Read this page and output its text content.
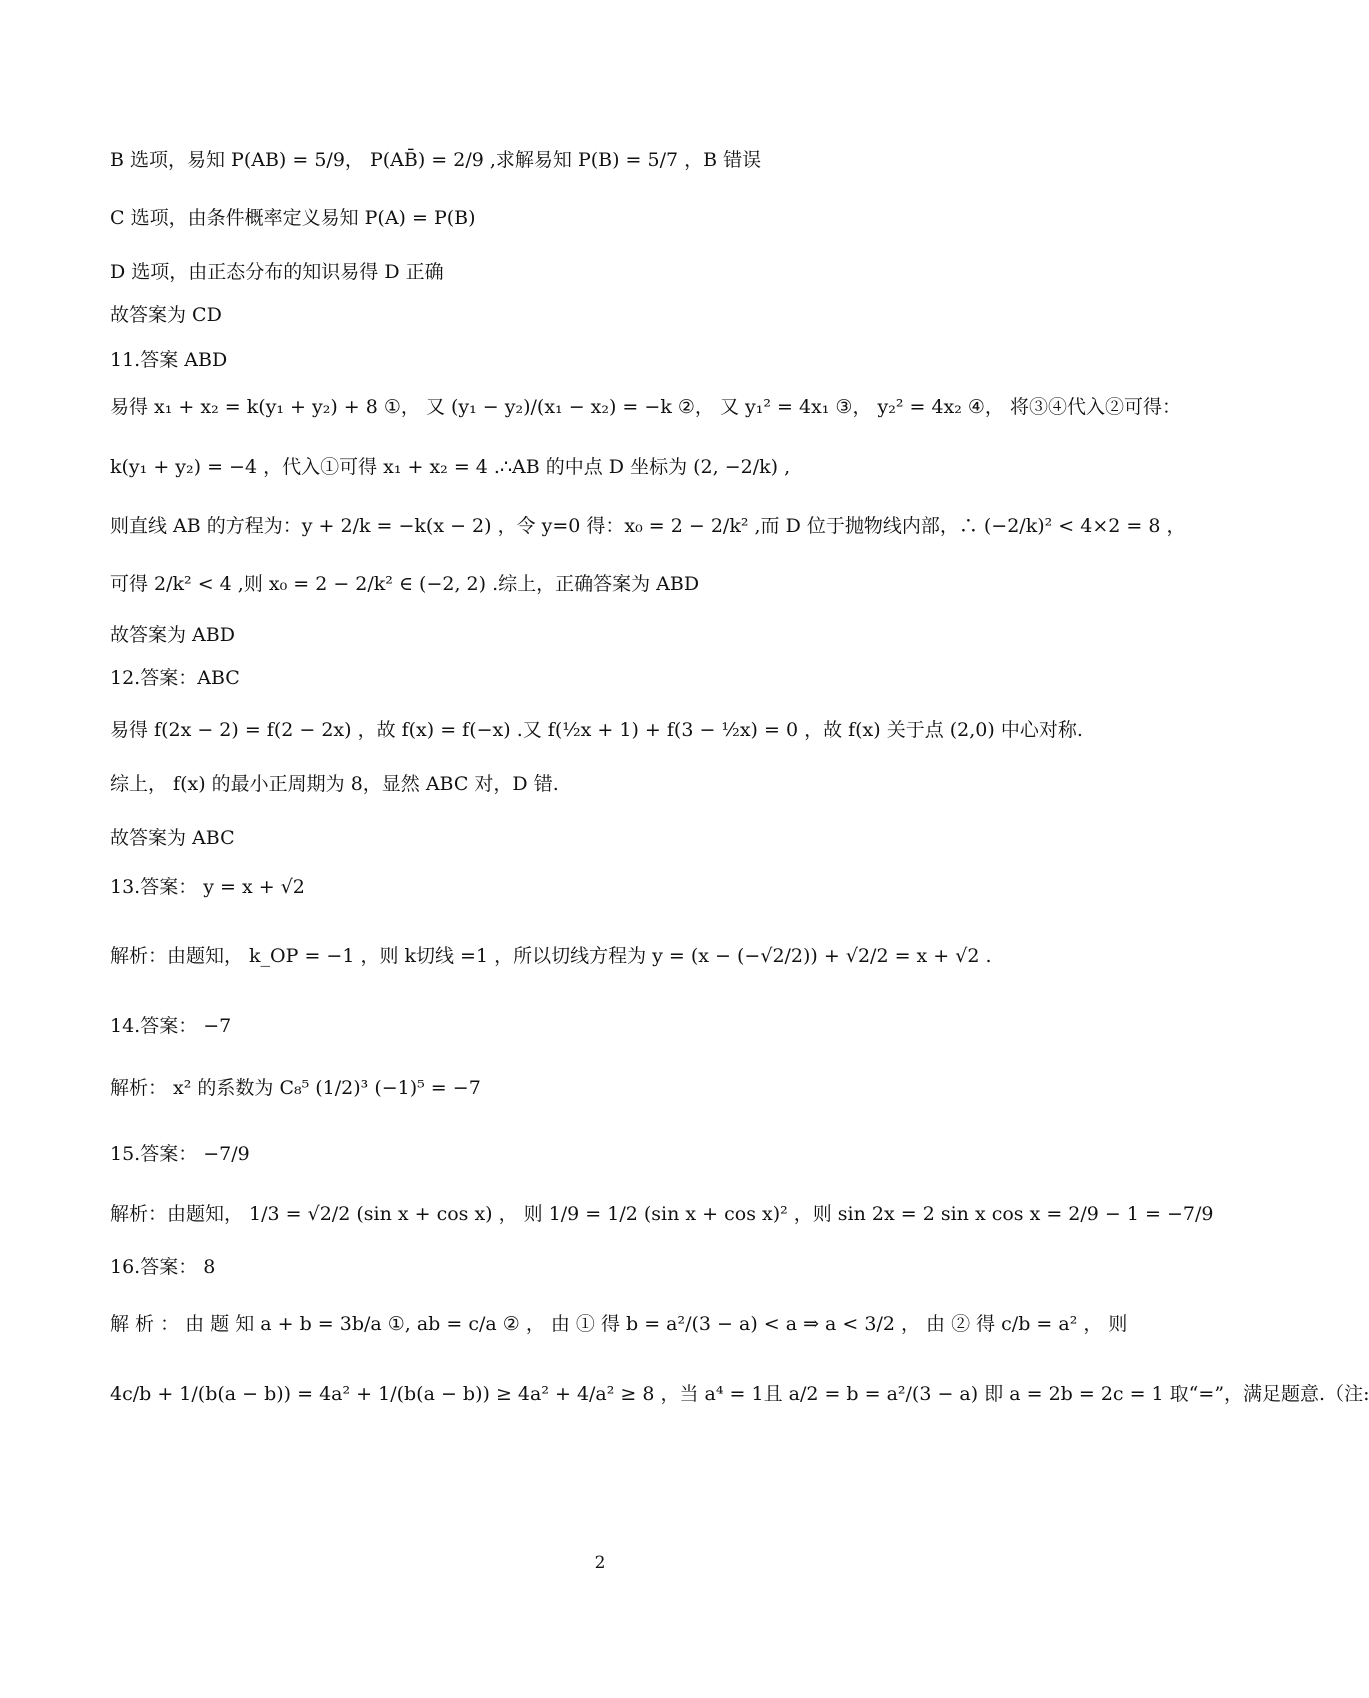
B 选项，易知 P(AB) = 5/9， P(AB̄) = 2/9 ,求解易知 P(B) = 5/7 ，B 错误
C 选项，由条件概率定义易知 P(A) = P(B)
D 选项，由正态分布的知识易得 D 正确
故答案为 CD
11.答案 ABD
易得 x₁ + x₂ = k(y₁ + y₂) + 8 ①， 又 (y₁ − y₂)/(x₁ − x₂) = −k ②， 又 y₁² = 4x₁ ③， y₂² = 4x₂ ④， 将③④代入②可得：
k(y₁ + y₂) = −4 ，代入①可得 x₁ + x₂ = 4 .∴AB 的中点 D 坐标为 (2, −2/k) ,
则直线 AB 的方程为：y + 2/k = −k(x − 2) ，令 y=0 得：x₀ = 2 − 2/k² ,而 D 位于抛物线内部，∴ (−2/k)² < 4×2 = 8 ，
可得 2/k² < 4 ,则 x₀ = 2 − 2/k² ∈ (−2, 2) .综上，正确答案为 ABD
故答案为 ABD
12.答案：ABC
易得 f(2x − 2) = f(2 − 2x) ，故 f(x) = f(−x) .又 f(½x + 1) + f(3 − ½x) = 0 ，故 f(x) 关于点 (2,0) 中心对称.
综上， f(x) 的最小正周期为 8，显然 ABC 对，D 错.
故答案为 ABC
13.答案： y = x + √2
解析：由题知， k_OP = −1 ，则 k切线 =1 ，所以切线方程为 y = (x − (−√2/2)) + √2/2 = x + √2 .
14.答案： −7
解析： x² 的系数为 C₈⁵ (1/2)³ (−1)⁵ = −7
15.答案： −7/9
解析：由题知， 1/3 = √2/2 (sin x + cos x) ， 则 1/9 = 1/2 (sin x + cos x)² ，则 sin 2x = 2 sin x cos x = 2/9 − 1 = −7/9
16.答案： 8
解 析 ： 由 题 知 a + b = 3b/a ①, ab = c/a ② ， 由 ① 得 b = a²/(3 − a) < a ⇒ a < 3/2 ， 由 ② 得 c/b = a² ， 则
4c/b + 1/(b(a − b)) = 4a² + 1/(b(a − b)) ≥ 4a² + 4/a² ≥ 8 ，当 a⁴ = 1且 a/2 = b = a²/(3 − a) 即 a = 2b = 2c = 1 取“=”，满足题意.（注:
2
